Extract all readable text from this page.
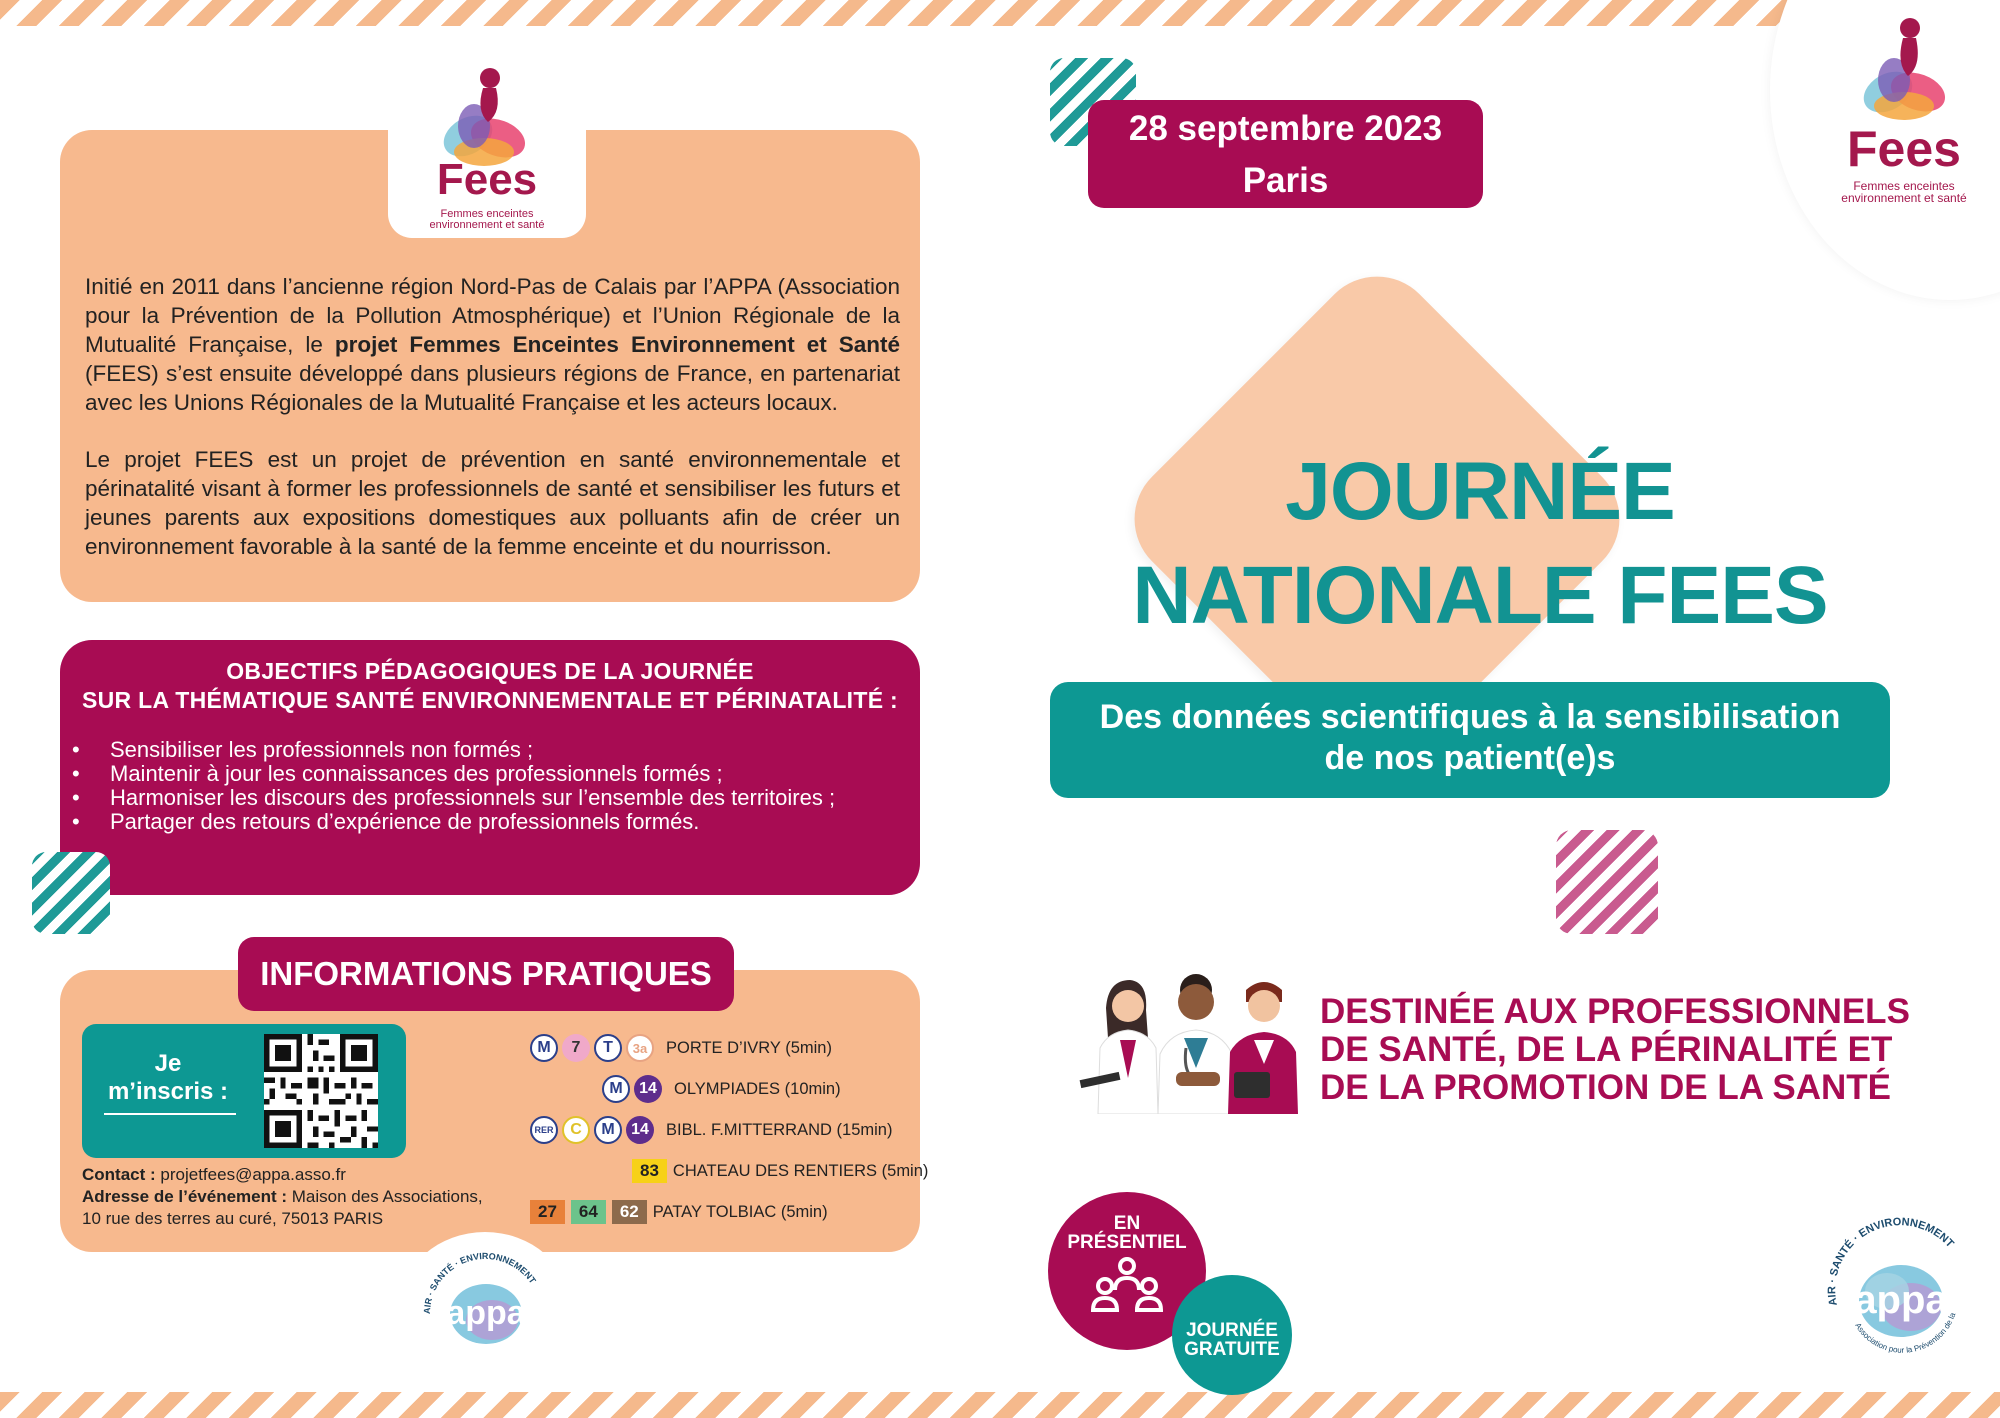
Fees
Femmes enceintes
environnement et santé

Initié en 2011 dans l’ancienne région Nord-Pas de Calais par l’APPA (Association pour la Prévention de la Pollution Atmosphérique) et l’Union Régionale de la Mutualité Française, le projet Femmes Enceintes Environnement et Santé (FEES) s’est ensuite développé dans plusieurs régions de France, en partenariat avec les Unions Régionales de la Mutualité Française et les acteurs locaux.

Le projet FEES est un projet de prévention en santé environnementale et périnatalité visant à former les professionnels de santé et sensibiliser les futurs et jeunes parents aux expositions domestiques aux polluants afin de créer un environnement favorable à la santé de la femme enceinte et du nourrisson.

OBJECTIFS PÉDAGOGIQUES DE LA JOURNÉE
SUR LA THÉMATIQUE SANTÉ ENVIRONNEMENTALE ET PÉRINATALITÉ :
• Sensibiliser les professionnels non formés ;
• Maintenir à jour les connaissances des professionnels formés ;
• Harmoniser les discours des professionnels sur l’ensemble des territoires ;
• Partager des retours d’expérience de professionnels formés.
INFORMATIONS PRATIQUES
Je
m’inscris :
Contact : projetfees@appa.asso.fr
Adresse de l’événement : Maison des Associations,
10 rue des terres au curé, 75013 PARIS
M	7	T	3a	PORTE D’IVRY (5min)
M	14	OLYMPIADES (10min)
RER	C	M	14	BIBL. F.MITTERRAND (15min)
83 CHATEAU DES RENTIERS (5min)
27	64	62 PATAY TOLBIAC (5min)
appa
AIR · SANTÉ · ENVIRONNEMENT
Fees
Femmes enceintes
environnement et santé
28 septembre 2023
Paris
JOURNÉE
NATIONALE FEES
Des données scientifiques à la sensibilisation
de nos patient(e)s
DESTINÉE AUX PROFESSIONNELS
DE SANTÉ, DE LA PÉRINALITÉ ET
DE LA PROMOTION DE LA SANTÉ
EN
PRÉSENTIEL
JOURNÉE
GRATUITE
appa
AIR · SANTÉ · ENVIRONNEMENT
Association pour la Prévention de la
